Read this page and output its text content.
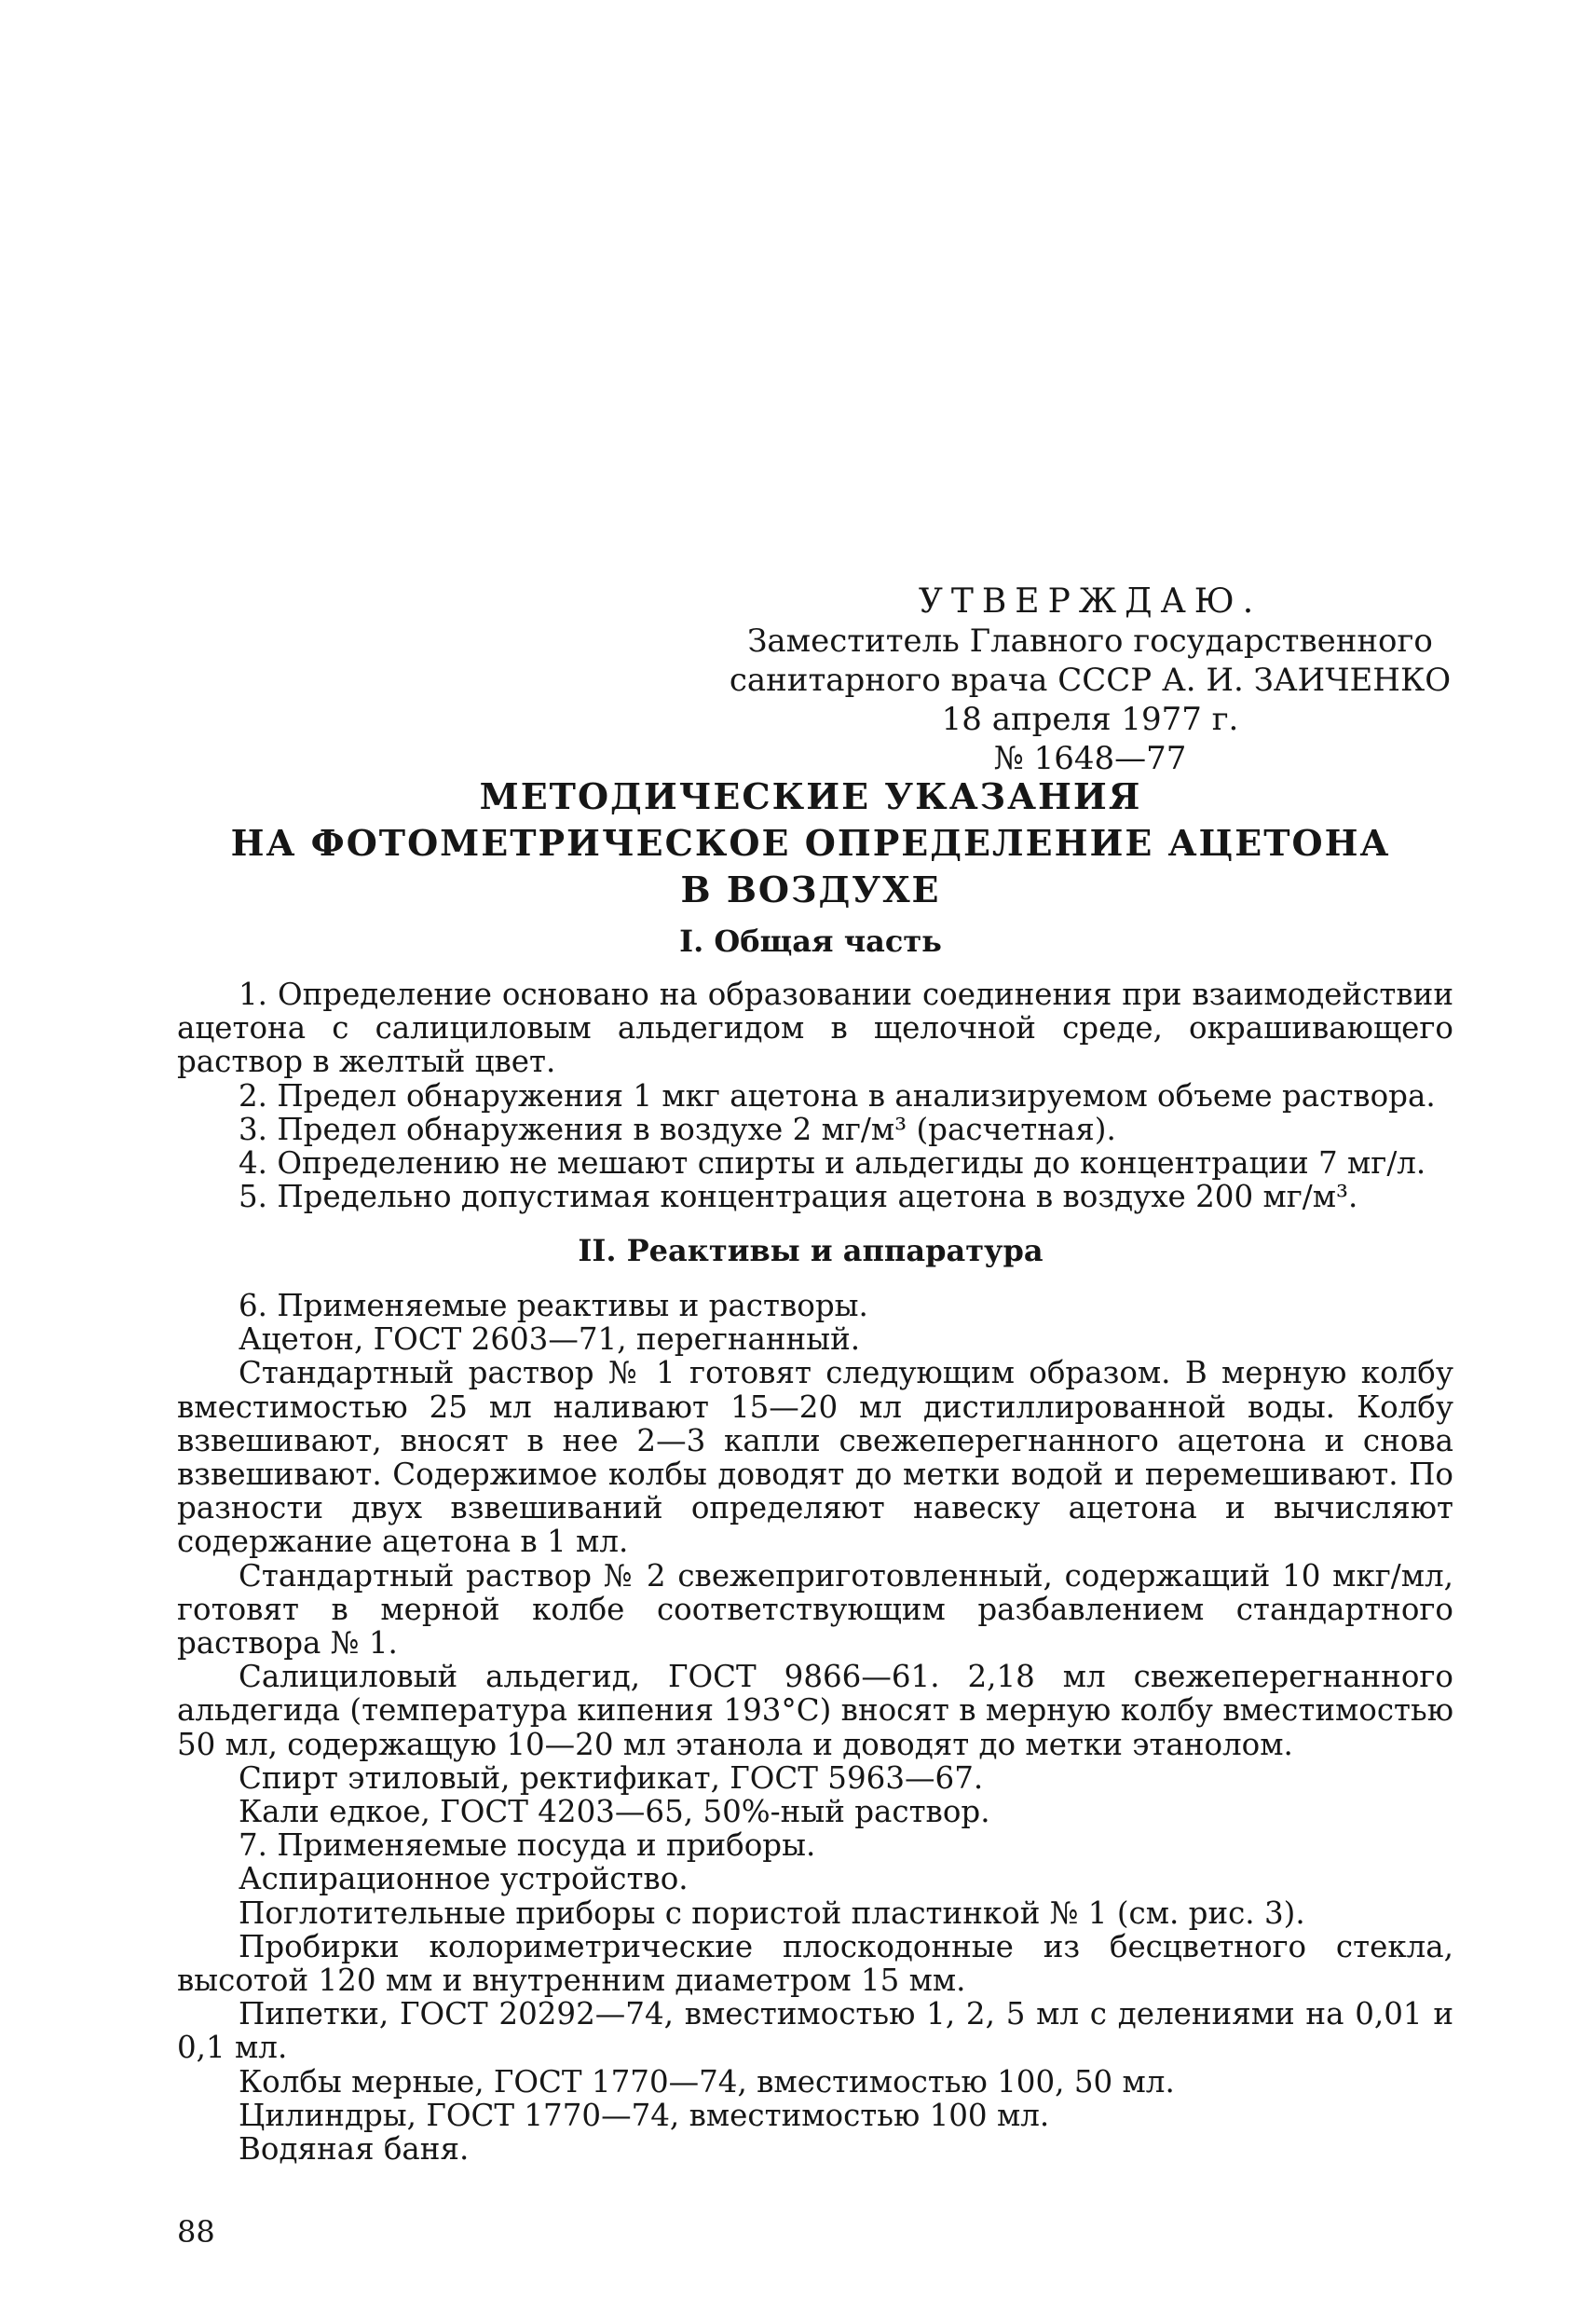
УТВЕРЖДАЮ.
Заместитель Главного государственного
санитарного врача СССР А. И. ЗАИЧЕНКО
18 апреля 1977 г.
№ 1648—77
МЕТОДИЧЕСКИЕ УКАЗАНИЯ
НА ФОТОМЕТРИЧЕСКОЕ ОПРЕДЕЛЕНИЕ АЦЕТОНА
В ВОЗДУХЕ
I. Общая часть

1. Определение основано на образовании соединения при взаимодействии ацетона с салициловым альдегидом в щелочной среде, окрашивающего раствор в желтый цвет.

2. Предел обнаружения 1 мкг ацетона в анализируемом объеме раствора.

3. Предел обнаружения в воздухе 2 мг/м³ (расчетная).

4. Определению не мешают спирты и альдегиды до концентрации 7 мг/л.

5. Предельно допустимая концентрация ацетона в воздухе 200 мг/м³.

II. Реактивы и аппаратура

6. Применяемые реактивы и растворы.

Ацетон, ГОСТ 2603—71, перегнанный.

Стандартный раствор № 1 готовят следующим образом. В мерную колбу вместимостью 25 мл наливают 15—20 мл дистиллированной воды. Колбу взвешивают, вносят в нее 2—3 капли свежеперегнанного ацетона и снова взвешивают. Содержимое колбы доводят до метки водой и перемешивают. По разности двух взвешиваний определяют навеску ацетона и вычисляют содержание ацетона в 1 мл.

Стандартный раствор № 2 свежеприготовленный, содержащий 10 мкг/мл, готовят в мерной колбе соответствующим разбавлением стандартного раствора № 1.

Салициловый альдегид, ГОСТ 9866—61. 2,18 мл свежеперегнанного альдегида (температура кипения 193°С) вносят в мерную колбу вместимостью 50 мл, содержащую 10—20 мл этанола и доводят до метки этанолом.

Спирт этиловый, ректификат, ГОСТ 5963—67.

Кали едкое, ГОСТ 4203—65, 50%-ный раствор.

7. Применяемые посуда и приборы.

Аспирационное устройство.

Поглотительные приборы с пористой пластинкой № 1 (см. рис. 3).

Пробирки колориметрические плоскодонные из бесцветного стекла, высотой 120 мм и внутренним диаметром 15 мм.

Пипетки, ГОСТ 20292—74, вместимостью 1, 2, 5 мл с делениями на 0,01 и 0,1 мл.

Колбы мерные, ГОСТ 1770—74, вместимостью 100, 50 мл.

Цилиндры, ГОСТ 1770—74, вместимостью 100 мл.

Водяная баня.

88
